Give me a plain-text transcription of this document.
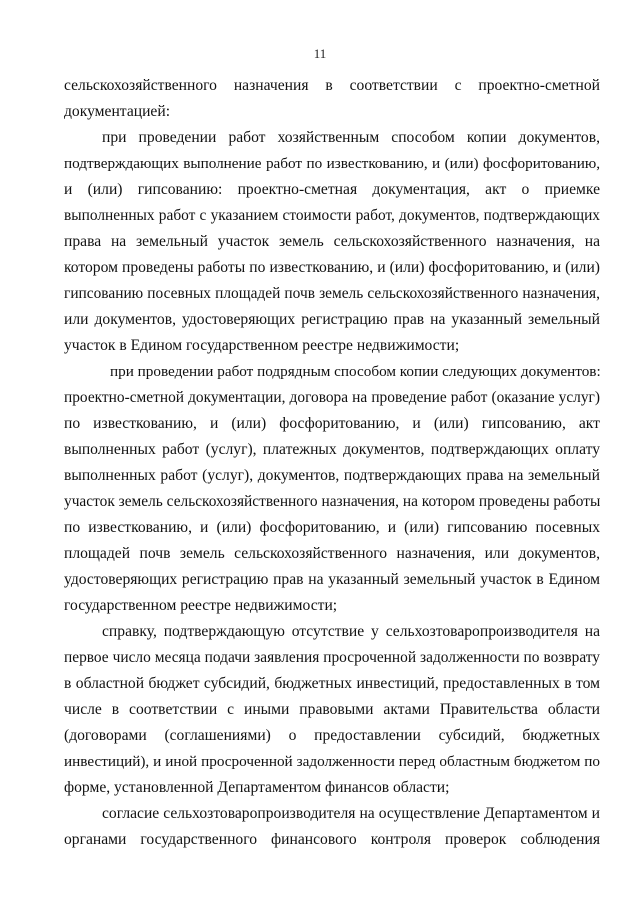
11
сельскохозяйственного назначения в соответствии с проектно-сметной
документацией:
при проведении работ хозяйственным способом копии документов,
подтверждающих выполнение работ по известкованию, и (или) фосфоритованию,
и (или) гипсованию: проектно-сметная документация, акт о приемке
выполненных работ с указанием стоимости работ, документов, подтверждающих
права на земельный участок земель сельскохозяйственного назначения, на
котором проведены работы по известкованию, и (или) фосфоритованию, и (или)
гипсованию посевных площадей почв земель сельскохозяйственного назначения,
или документов, удостоверяющих регистрацию прав на указанный земельный
участок в Едином государственном реестре недвижимости;
при проведении работ подрядным способом копии следующих документов:
проектно-сметной документации, договора на проведение работ (оказание услуг)
по известкованию, и (или) фосфоритованию, и (или) гипсованию, акт
выполненных работ (услуг), платежных документов, подтверждающих оплату
выполненных работ (услуг), документов, подтверждающих права на земельный
участок земель сельскохозяйственного назначения, на котором проведены работы
по известкованию, и (или) фосфоритованию, и (или) гипсованию посевных
площадей почв земель сельскохозяйственного назначения, или документов,
удостоверяющих регистрацию прав на указанный земельный участок в Едином
государственном реестре недвижимости;
справку, подтверждающую отсутствие у сельхозтоваропроизводителя на
первое число месяца подачи заявления просроченной задолженности по возврату
в областной бюджет субсидий, бюджетных инвестиций, предоставленных в том
числе в соответствии с иными правовыми актами Правительства области
(договорами (соглашениями) о предоставлении субсидий, бюджетных
инвестиций), и иной просроченной задолженности перед областным бюджетом по
форме, установленной Департаментом финансов области;
согласие сельхозтоваропроизводителя на осуществление Департаментом и
органами государственного финансового контроля проверок соблюдения
